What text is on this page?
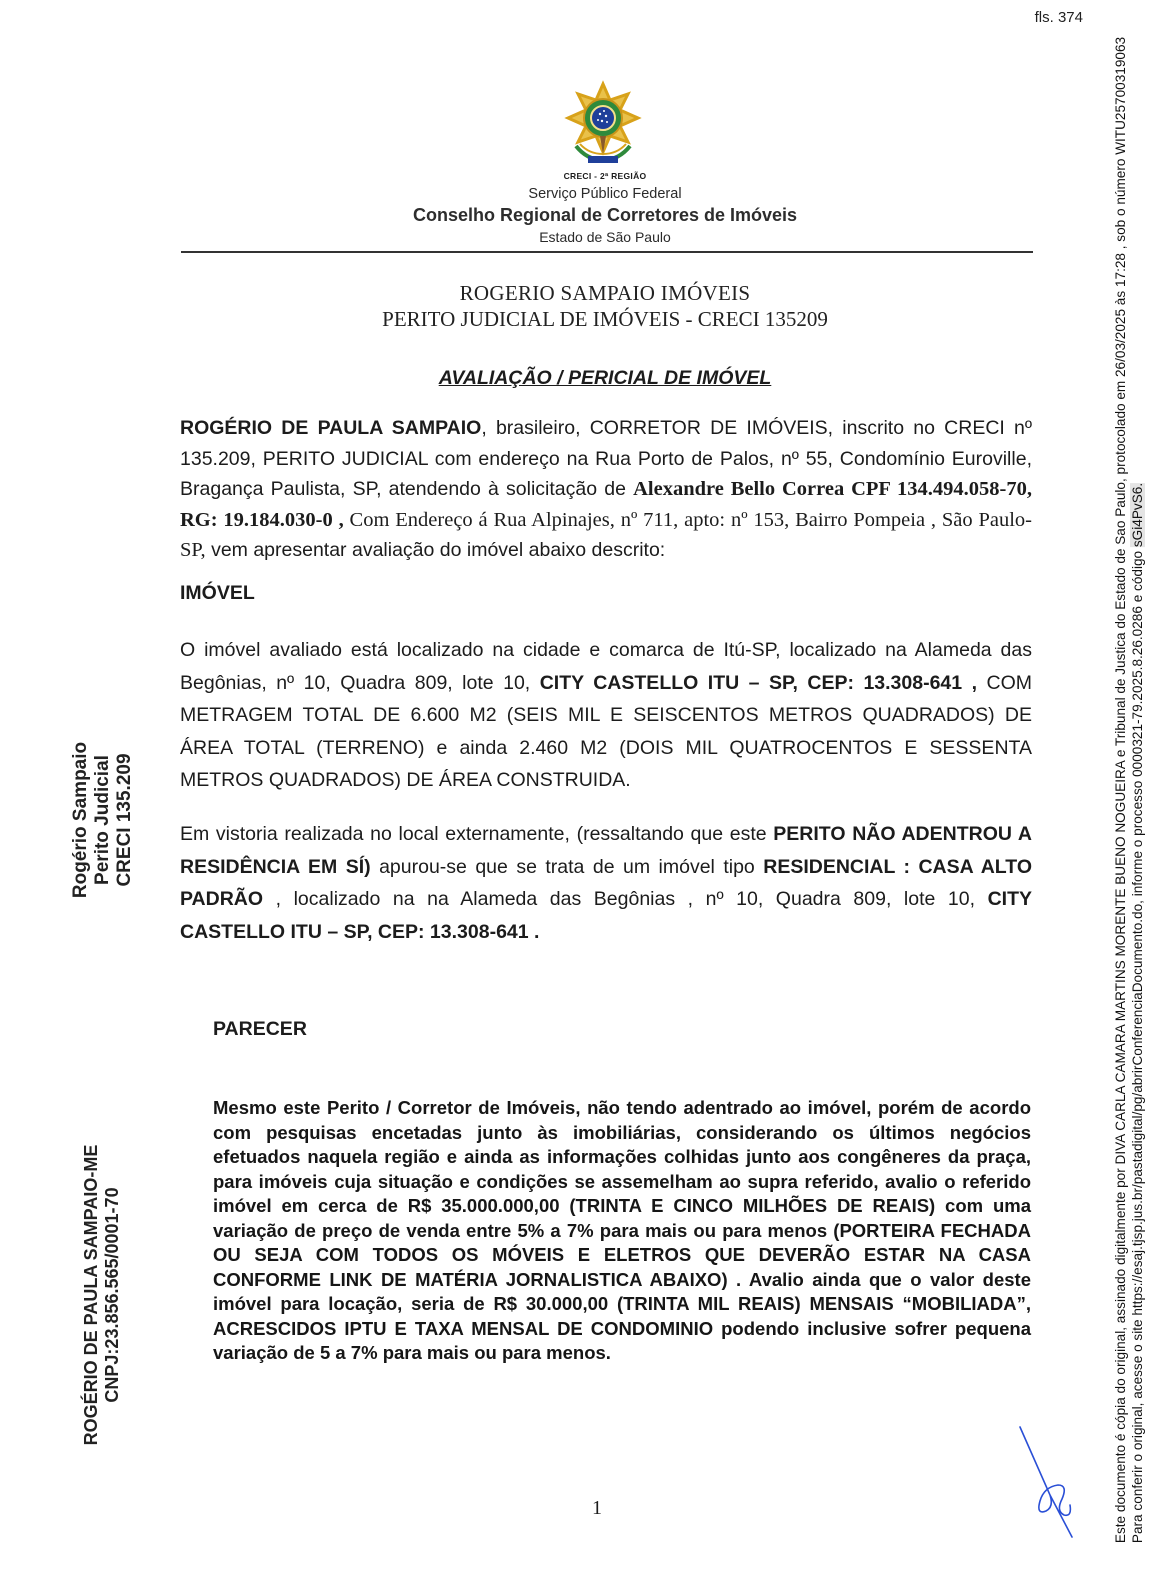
fls. 374
CRECI - 2ª REGIÃO
Serviço Público Federal
Conselho Regional de Corretores de Imóveis
Estado de São Paulo
ROGERIO SAMPAIO IMÓVEIS
PERITO JUDICIAL DE IMÓVEIS - CRECI 135209
AVALIAÇÃO / PERICIAL DE IMÓVEL
ROGÉRIO DE PAULA SAMPAIO, brasileiro, CORRETOR DE IMÓVEIS, inscrito no CRECI nº 135.209, PERITO JUDICIAL com endereço na Rua Porto de Palos, nº 55, Condomínio Euroville, Bragança Paulista, SP, atendendo à solicitação de Alexandre Bello Correa CPF 134.494.058-70, RG: 19.184.030-0 , Com Endereço á Rua Alpinajes, nº 711, apto: nº 153, Bairro Pompeia , São Paulo-SP, vem apresentar avaliação do imóvel abaixo descrito:
IMÓVEL
O imóvel avaliado está localizado na cidade e comarca de Itú-SP, localizado na Alameda das Begônias, nº 10, Quadra 809, lote 10, CITY CASTELLO ITU – SP, CEP: 13.308-641 , COM METRAGEM TOTAL DE 6.600 M2 (SEIS MIL E SEISCENTOS METROS QUADRADOS) DE ÁREA TOTAL (TERRENO) e ainda 2.460 M2 (DOIS MIL QUATROCENTOS E SESSENTA METROS QUADRADOS) DE ÁREA CONSTRUIDA.
Em vistoria realizada no local externamente, (ressaltando que este PERITO NÃO ADENTROU A RESIDÊNCIA EM SÍ) apurou-se que se trata de um imóvel tipo RESIDENCIAL : CASA ALTO PADRÃO , localizado na na Alameda das Begônias , nº 10, Quadra 809, lote 10, CITY CASTELLO ITU – SP, CEP: 13.308-641 .
PARECER
Mesmo este Perito / Corretor de Imóveis, não tendo adentrado ao imóvel, porém de acordo com pesquisas encetadas junto às imobiliárias, considerando os últimos negócios efetuados naquela região e ainda as informações colhidas junto aos congêneres da praça, para imóveis cuja situação e condições se assemelham ao supra referido, avalio o referido imóvel em cerca de R$ 35.000.000,00 (TRINTA E CINCO MILHÕES DE REAIS) com uma variação de preço de venda entre 5% a 7% para mais ou para menos (PORTEIRA FECHADA OU SEJA COM TODOS OS MÓVEIS E ELETROS QUE DEVERÃO ESTAR NA CASA CONFORME LINK DE MATÉRIA JORNALISTICA ABAIXO) . Avalio ainda que o valor deste imóvel para locação, seria de R$ 30.000,00 (TRINTA MIL REAIS) MENSAIS “MOBILIADA”, ACRESCIDOS IPTU E TAXA MENSAL DE CONDOMINIO podendo inclusive sofrer pequena variação de 5 a 7% para mais ou para menos.
1
Rogério Sampaio Perito Judicial CRECI 135.209
ROGÉRIO DE PAULA SAMPAIO-ME CNPJ:23.856.565/0001-70	Este documento é cópia do original, assinado digitalmente por DIVA CARLA CAMARA MARTINS MORENTE BUENO NOGUEIRA e Tribunal de Justica do Estado de Sao Paulo, protocolado em 26/03/2025 às 17:28 , sob o número WITU25700319063 Para conferir o original, acesse o site https://esaj.tjsp.jus.br/pastadigital/pg/abrirConferenciaDocumento.do, informe o processo 0000321-79.2025.8.26.0286 e código sGi4PvS6.
